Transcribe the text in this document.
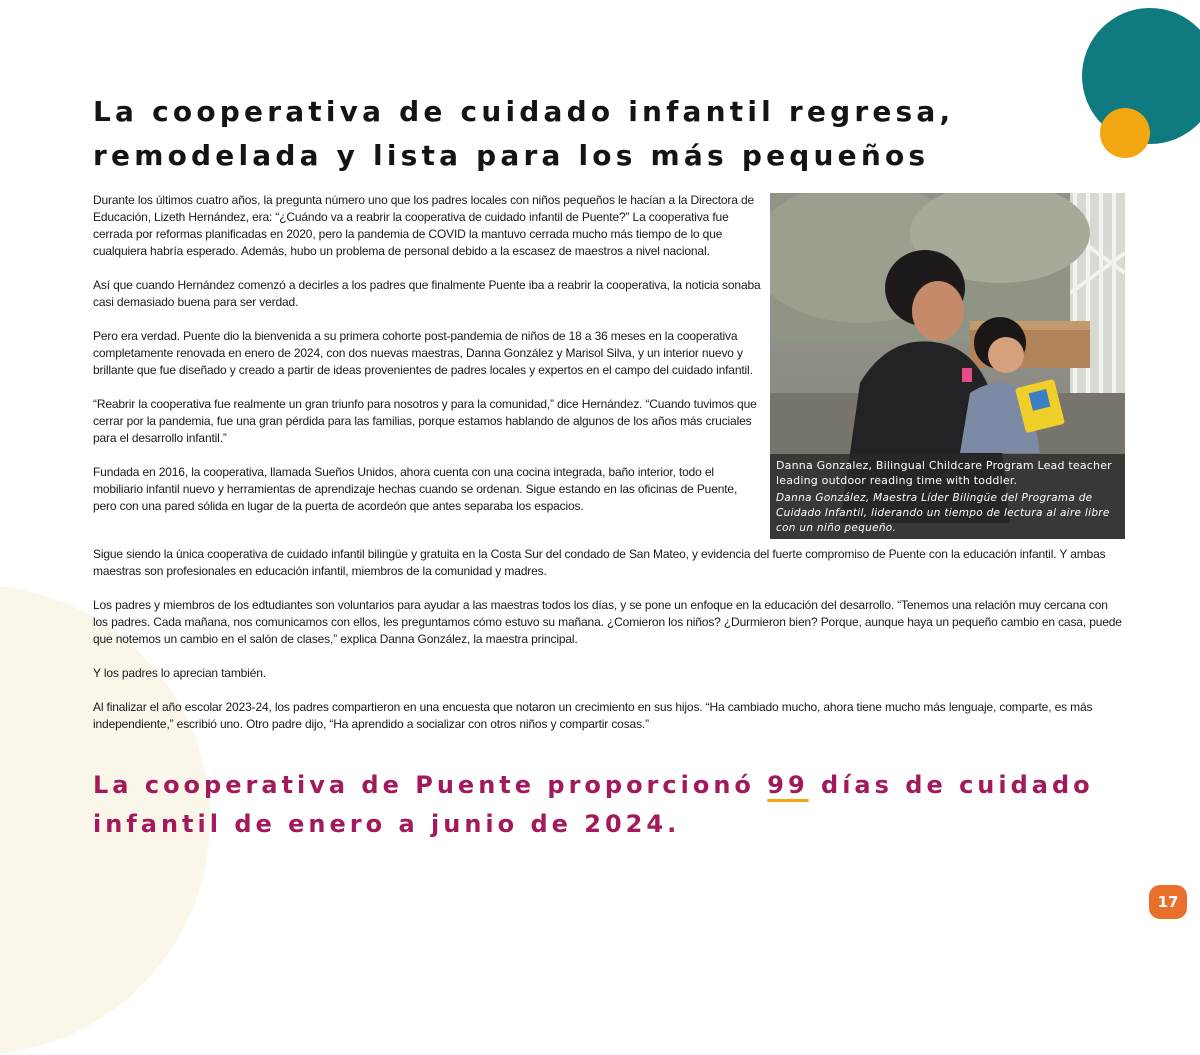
La cooperativa de cuidado infantil regresa, remodelada y lista para los más pequeños

Durante los últimos cuatro años, la pregunta número uno que los padres locales con niños pequeños le hacían a la Directora de Educación, Lizeth Hernández, era: “¿Cuándo va a reabrir la cooperativa de cuidado infantil de Puente?” La cooperativa fue cerrada por reformas planificadas en 2020, pero la pandemia de COVID la mantuvo cerrada mucho más tiempo de lo que cualquiera habría esperado. Además, hubo un problema de personal debido a la escasez de maestros a nivel nacional.

Así que cuando Hernández comenzó a decirles a los padres que finalmente Puente iba a reabrir la cooperativa, la noticia sonaba casi demasiado buena para ser verdad.

Pero era verdad. Puente dio la bienvenida a su primera cohorte post-pandemia de niños de 18 a 36 meses en la cooperativa completamente renovada en enero de 2024, con dos nuevas maestras, Danna González y Marisol Silva, y un interior nuevo y brillante que fue diseñado y creado a partir de ideas provenientes de padres locales y expertos en el campo del cuidado infantil.

“Reabrir la cooperativa fue realmente un gran triunfo para nosotros y para la comunidad,” dice Hernández. “Cuando tuvimos que cerrar por la pandemia, fue una gran pérdida para las familias, porque estamos hablando de algunos de los años más cruciales para el desarrollo infantil.”

Fundada en 2016, la cooperativa, llamada Sueños Unidos, ahora cuenta con una cocina integrada, baño interior, todo el mobiliario infantil nuevo y herramientas de aprendizaje hechas cuando se ordenan. Sigue estando en las oficinas de Puente, pero con una pared sólida en lugar de la puerta de acordeón que antes separaba los espacios.

Danna Gonzalez, Bilingual Childcare Program Lead teacher leading outdoor reading time with toddler.

Danna González, Maestra Líder Bilingüe del Programa de Cuidado Infantil, liderando un tiempo de lectura al aire libre con un niño pequeño.

Sigue siendo la única cooperativa de cuidado infantil bilingüe y gratuita en la Costa Sur del condado de San Mateo, y evidencia del fuerte compromiso de Puente con la educación infantil. Y ambas maestras son profesionales en educación infantil, miembros de la comunidad y madres.

Los padres y miembros de los edtudiantes son voluntarios para ayudar a las maestras todos los días, y se pone un enfoque en la educación del desarrollo. “Tenemos una relación muy cercana con los padres. Cada mañana, nos comunicamos con ellos, les preguntamos cómo estuvo su mañana. ¿Comieron los niños? ¿Durmieron bien? Porque, aunque haya un pequeño cambio en casa, puede que notemos un cambio en el salón de clases,” explica Danna González, la maestra principal.

Y los padres lo aprecian también.

Al finalizar el año escolar 2023-24, los padres compartieron en una encuesta que notaron un crecimiento en sus hijos. “Ha cambiado mucho, ahora tiene mucho más lenguaje, comparte, es más independiente,” escribió uno. Otro padre dijo, “Ha aprendido a socializar con otros niños y compartir cosas.”

La cooperativa de Puente proporcionó 99 días de cuidado infantil de enero a junio de 2024.

17
